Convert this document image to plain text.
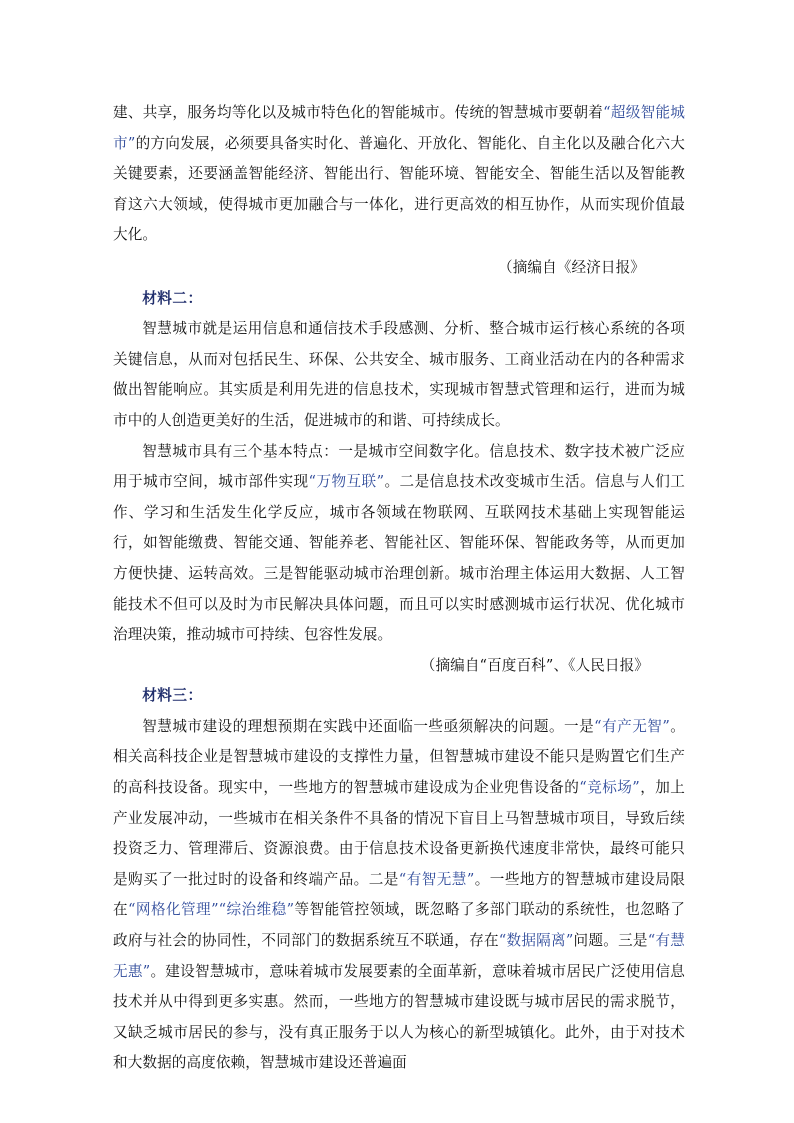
建、共享，服务均等化以及城市特色化的智能城市。传统的智慧城市要朝着“超级智能城市”的方向发展，必须要具备实时化、普遍化、开放化、智能化、自主化以及融合化六大关键要素，还要涵盖智能经济、智能出行、智能环境、智能安全、智能生活以及智能教育这六大领域，使得城市更加融合与一体化，进行更高效的相互协作，从而实现价值最大化。

（摘编自《经济日报》

材料二：

智慧城市就是运用信息和通信技术手段感测、分析、整合城市运行核心系统的各项关键信息，从而对包括民生、环保、公共安全、城市服务、工商业活动在内的各种需求做出智能响应。其实质是利用先进的信息技术，实现城市智慧式管理和运行，进而为城市中的人创造更美好的生活，促进城市的和谐、可持续成长。

智慧城市具有三个基本特点：一是城市空间数字化。信息技术、数字技术被广泛应用于城市空间，城市部件实现“万物互联”。二是信息技术改变城市生活。信息与人们工作、学习和生活发生化学反应，城市各领域在物联网、互联网技术基础上实现智能运行，如智能缴费、智能交通、智能养老、智能社区、智能环保、智能政务等，从而更加方便快捷、运转高效。三是智能驱动城市治理创新。城市治理主体运用大数据、人工智能技术不但可以及时为市民解决具体问题，而且可以实时感测城市运行状况、优化城市治理决策，推动城市可持续、包容性发展。

（摘编自“百度百科”、《人民日报》

材料三：

智慧城市建设的理想预期在实践中还面临一些亟须解决的问题。一是“有产无智”。相关高科技企业是智慧城市建设的支撑性力量，但智慧城市建设不能只是购置它们生产的高科技设备。现实中，一些地方的智慧城市建设成为企业兜售设备的“竞标场”，加上产业发展冲动，一些城市在相关条件不具备的情况下盲目上马智慧城市项目，导致后续投资乏力、管理滞后、资源浪费。由于信息技术设备更新换代速度非常快，最终可能只是购买了一批过时的设备和终端产品。二是“有智无慧”。一些地方的智慧城市建设局限在“网格化管理”“综治维稳”等智能管控领域，既忽略了多部门联动的系统性，也忽略了政府与社会的协同性，不同部门的数据系统互不联通，存在“数据隔离”问题。三是“有慧无惠”。建设智慧城市，意味着城市发展要素的全面革新，意味着城市居民广泛使用信息技术并从中得到更多实惠。然而，一些地方的智慧城市建设既与城市居民的需求脱节，又缺乏城市居民的参与，没有真正服务于以人为核心的新型城镇化。此外，由于对技术和大数据的高度依赖，智慧城市建设还普遍面
